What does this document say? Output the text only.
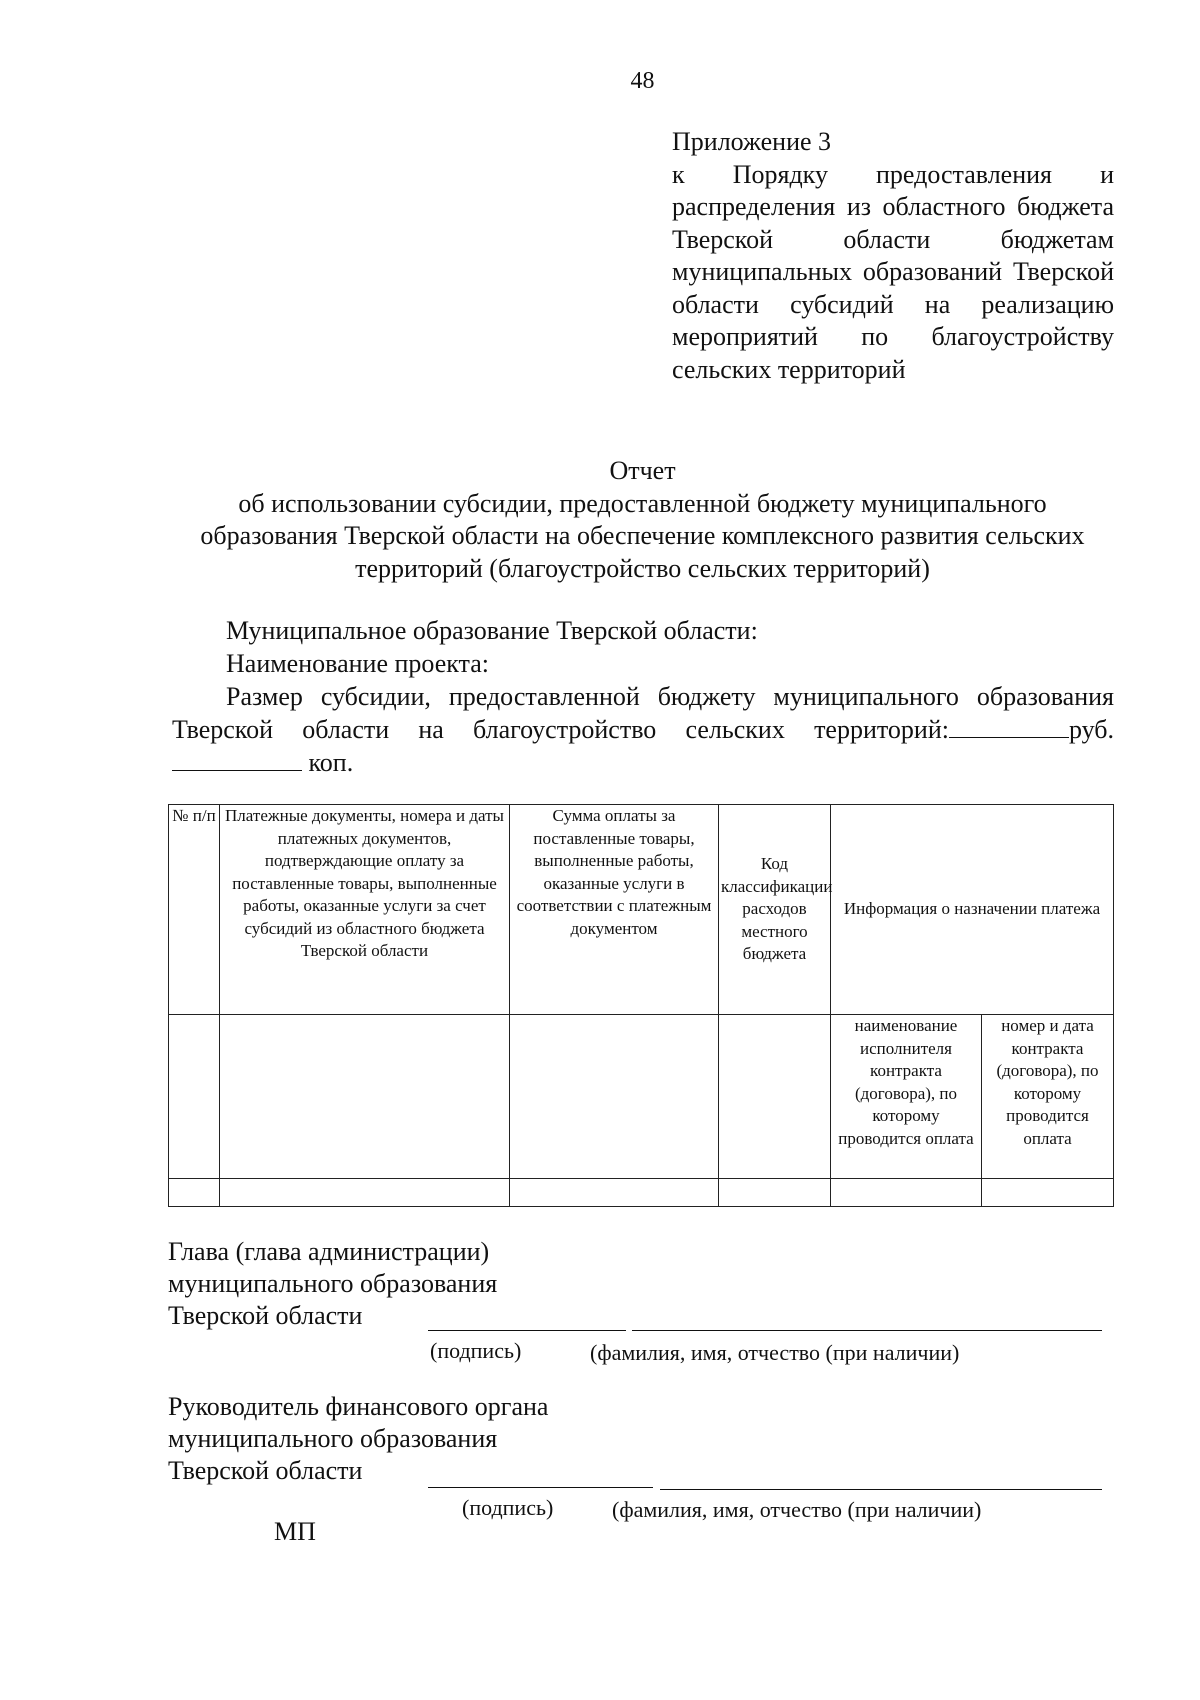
48
Приложение 3
к Порядку предоставления и распределения из областного бюджета Тверской области бюджетам муниципальных образований Тверской области субсидий на реализацию мероприятий по благоустройству сельских территорий
Отчет
об использовании субсидии, предоставленной бюджету муниципального образования Тверской области на обеспечение комплексного развития сельских территорий (благоустройство сельских территорий)
Муниципальное образование Тверской области:
Наименование проекта:
Размер субсидии, предоставленной бюджету муниципального образования Тверской области на благоустройство сельских территорий:	руб. коп.
№ п/п	Платежные документы, номера и даты платежных документов, подтверждающие оплату за поставленные товары, выполненные работы, оказанные услуги за счет субсидий из областного бюджета Тверской области	Сумма оплаты за поставленные товары, выполненные работы, оказанные услуги в соответствии с платежным документом	Код классификации расходов местного бюджета	Информация о назначении платежа	
				наименование исполнителя контракта (договора), по которому проводится оплата	номер и дата контракта (договора), по которому проводится оплата

Глава (глава администрации)
муниципального образования
Тверской области
(подпись)	(фамилия, имя, отчество (при наличии)
Руководитель финансового органа
муниципального образования
Тверской области
(подпись)	(фамилия, имя, отчество (при наличии)
МП
